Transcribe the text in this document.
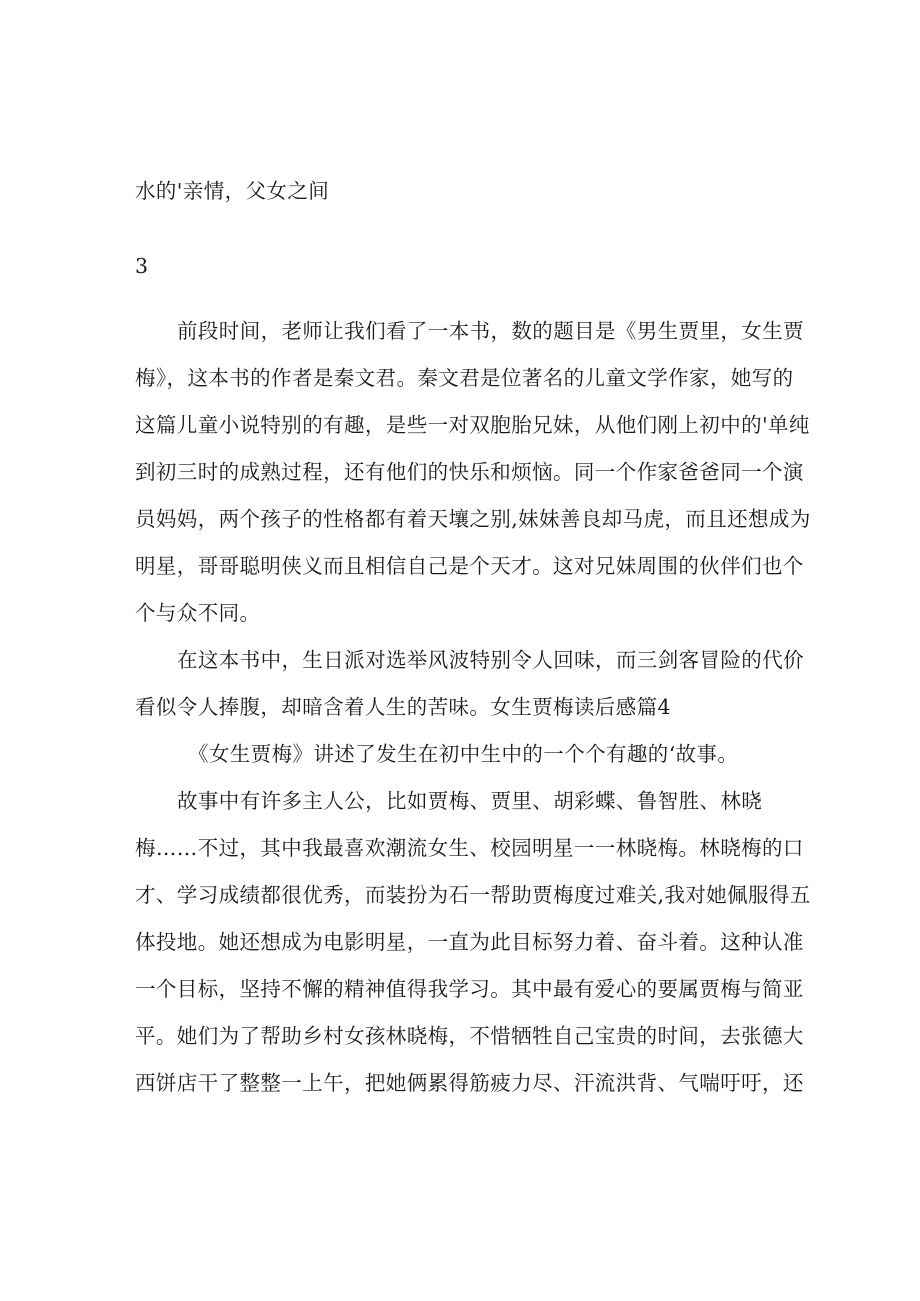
水的'亲情，父女之间
3
前段时间，老师让我们看了一本书，数的题目是《男生贾里，女生贾
梅》，这本书的作者是秦文君。秦文君是位著名的儿童文学作家，她写的
这篇儿童小说特别的有趣，是些一对双胞胎兄妹，从他们刚上初中的'单纯
到初三时的成熟过程，还有他们的快乐和烦恼。同一个作家爸爸同一个演
员妈妈，两个孩子的性格都有着天壤之别,妹妹善良却马虎，而且还想成为
明星，哥哥聪明侠义而且相信自己是个天才。这对兄妹周围的伙伴们也个
个与众不同。
在这本书中，生日派对选举风波特别令人回味，而三剑客冒险的代价
看似令人捧腹，却暗含着人生的苦味。女生贾梅读后感篇4
《女生贾梅》讲述了发生在初中生中的一个个有趣的‘故事。
故事中有许多主人公，比如贾梅、贾里、胡彩蝶、鲁智胜、林晓
梅……不过，其中我最喜欢潮流女生、校园明星一一林晓梅。林晓梅的口
才、学习成绩都很优秀，而装扮为石一帮助贾梅度过难关,我对她佩服得五
体投地。她还想成为电影明星，一直为此目标努力着、奋斗着。这种认准
一个目标，坚持不懈的精神值得我学习。其中最有爱心的要属贾梅与简亚
平。她们为了帮助乡村女孩林晓梅，不惜牺牲自己宝贵的时间，去张德大
西饼店干了整整一上午，把她俩累得筋疲力尽、汗流洪背、气喘吁吁，还
